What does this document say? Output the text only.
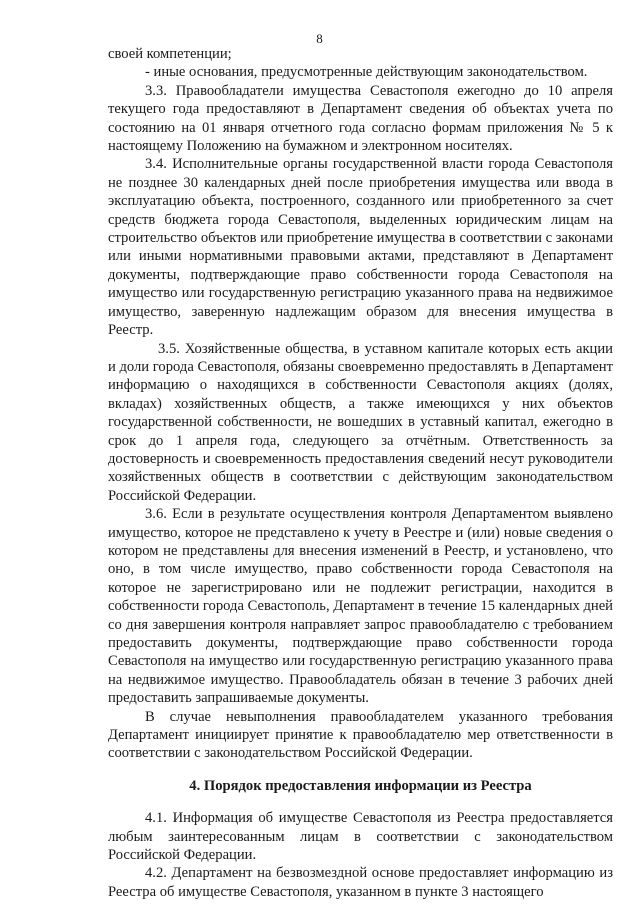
8

своей компетенции;

- иные основания, предусмотренные действующим законодательством.

3.3. Правообладатели имущества Севастополя ежегодно до 10 апреля текущего года предоставляют в Департамент сведения об объектах учета по состоянию на 01 января отчетного года согласно формам приложения № 5 к настоящему Положению на бумажном и электронном носителях.

3.4. Исполнительные органы государственной власти города Севастополя не позднее 30 календарных дней после приобретения имущества или ввода в эксплуатацию объекта, построенного, созданного или приобретенного за счет средств бюджета города Севастополя, выделенных юридическим лицам на строительство объектов или приобретение имущества в соответствии с законами или иными нормативными правовыми актами, представляют в Департамент документы, подтверждающие право собственности города Севастополя на имущество или государственную регистрацию указанного права на недвижимое имущество, заверенную надлежащим образом для внесения имущества в Реестр.

3.5. Хозяйственные общества, в уставном капитале которых есть акции и доли города Севастополя, обязаны своевременно предоставлять в Департамент информацию о находящихся в собственности Севастополя акциях (долях, вкладах) хозяйственных обществ, а также имеющихся у них объектов государственной собственности, не вошедших в уставный капитал, ежегодно в срок до 1 апреля года, следующего за отчётным. Ответственность за достоверность и своевременность предоставления сведений несут руководители хозяйственных обществ в соответствии с действующим законодательством Российской Федерации.

3.6. Если в результате осуществления контроля Департаментом выявлено имущество, которое не представлено к учету в Реестре и (или) новые сведения о котором не представлены для внесения изменений в Реестр, и установлено, что оно, в том числе имущество, право собственности города Севастополя на которое не зарегистрировано или не подлежит регистрации, находится в собственности города Севастополь, Департамент в течение 15 календарных дней со дня завершения контроля направляет запрос правообладателю с требованием предоставить документы, подтверждающие право собственности города Севастополя на имущество или государственную регистрацию указанного права на недвижимое имущество. Правообладатель обязан в течение 3 рабочих дней предоставить запрашиваемые документы.

В случае невыполнения правообладателем указанного требования Департамент инициирует принятие к правообладателю мер ответственности в соответствии с законодательством Российской Федерации.

4. Порядок предоставления информации из Реестра

4.1. Информация об имуществе Севастополя из Реестра предоставляется любым заинтересованным лицам в соответствии с законодательством Российской Федерации.

4.2. Департамент на безвозмездной основе предоставляет информацию из Реестра об имуществе Севастополя, указанном в пункте 3 настоящего
